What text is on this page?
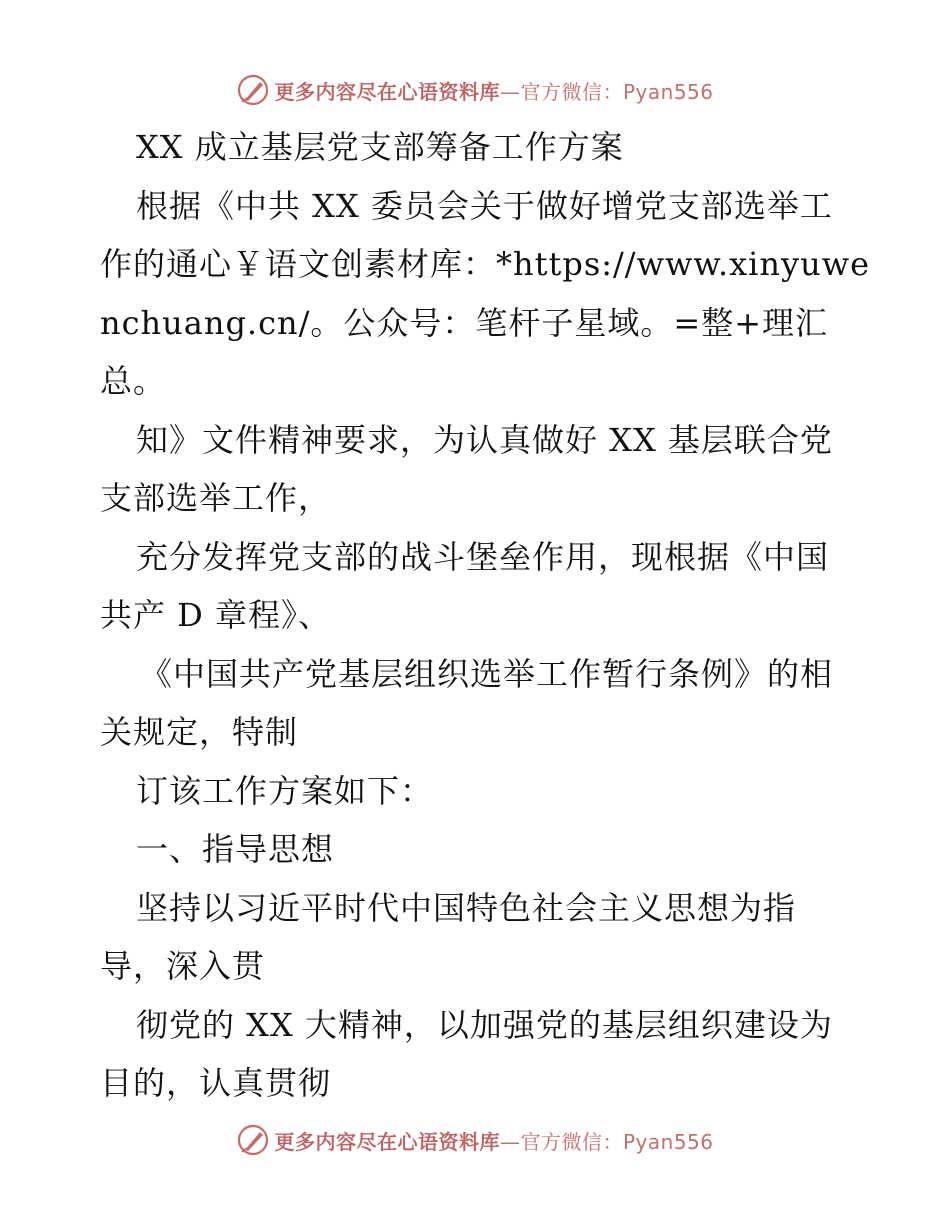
更多内容尽在心语资料库—官方微信：Pyan556
XX 成立基层党支部筹备工作方案
根据《中共 XX 委员会关于做好增党支部选举工
作的通心￥语文创素材库：*https://www.xinyuwe
nchuang.cn/。公众号：笔杆子星域。=整+理汇
总。
知》文件精神要求，为认真做好 XX 基层联合党
支部选举工作，
充分发挥党支部的战斗堡垒作用，现根据《中国
共产 D 章程》、
《中国共产党基层组织选举工作暂行条例》的相
关规定，特制
订该工作方案如下：
一、指导思想
坚持以习近平时代中国特色社会主义思想为指
导，深入贯
彻党的 XX 大精神，以加强党的基层组织建设为
目的，认真贯彻
更多内容尽在心语资料库—官方微信：Pyan556
